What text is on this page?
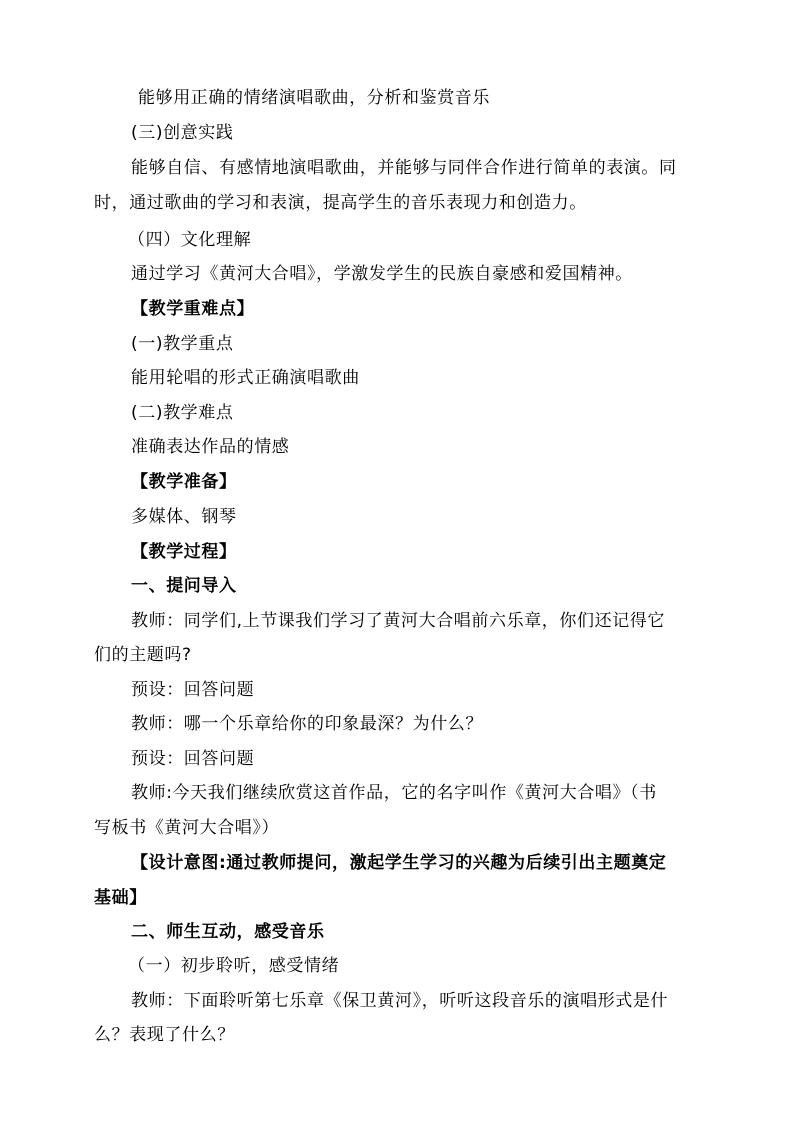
能够用正确的情绪演唱歌曲，分析和鉴赏音乐
(三)创意实践
能够自信、有感情地演唱歌曲，并能够与同伴合作进行简单的表演。同
时，通过歌曲的学习和表演，提高学生的音乐表现力和创造力。
（四）文化理解
通过学习《黄河大合唱》，学激发学生的民族自豪感和爱国精神。
【教学重难点】
(一)教学重点
能用轮唱的形式正确演唱歌曲
(二)教学难点
准确表达作品的情感
【教学准备】
多媒体、钢琴
【教学过程】
一、提问导入
教师：同学们,上节课我们学习了黄河大合唱前六乐章，你们还记得它
们的主题吗?
预设：回答问题
教师：哪一个乐章给你的印象最深？为什么？
预设：回答问题
教师:今天我们继续欣赏这首作品，它的名字叫作《黄河大合唱》（书
写板书《黄河大合唱》）
【设计意图:通过教师提问，激起学生学习的兴趣为后续引出主题奠定
基础】
二、师生互动，感受音乐
（一）初步聆听，感受情绪
教师：下面聆听第七乐章《保卫黄河》，听听这段音乐的演唱形式是什
么？表现了什么？
